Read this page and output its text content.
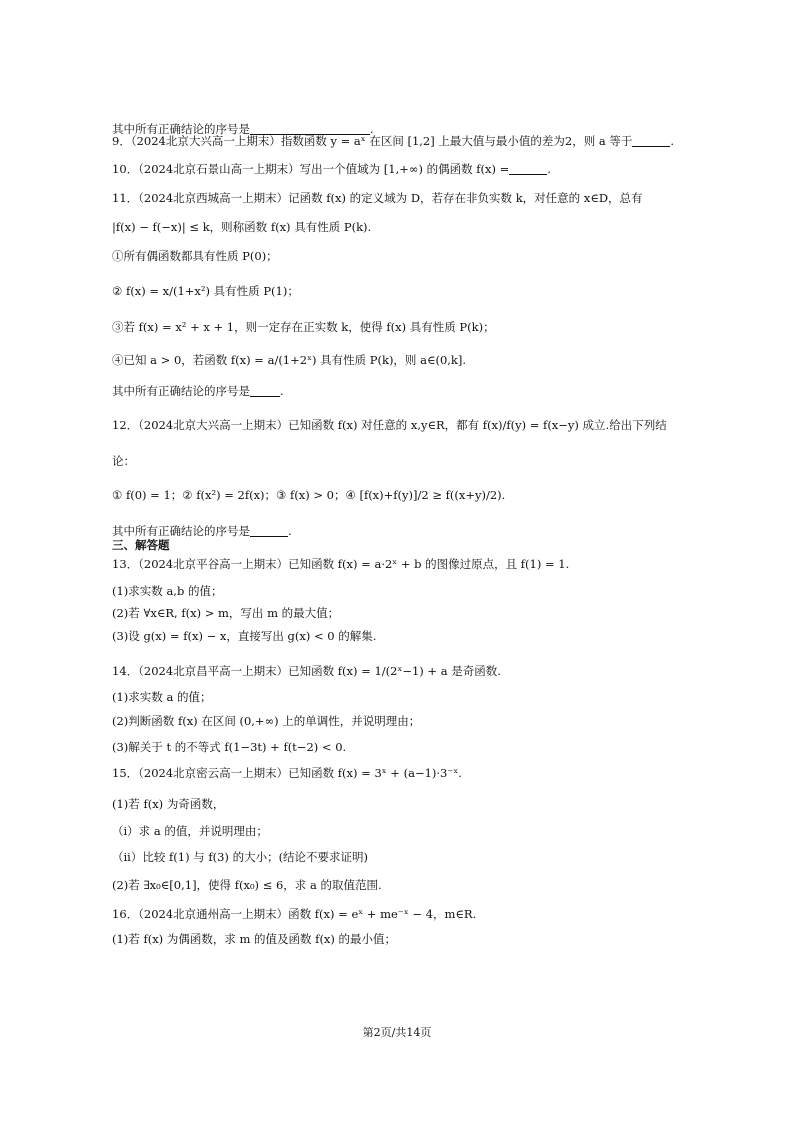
其中所有正确结论的序号是	.
9．（2024北京大兴高一上期末）指数函数 y = aˣ 在区间 [1,2] 上最大值与最小值的差为2，则 a 等于	.
10．（2024北京石景山高一上期末）写出一个值域为 [1,+∞) 的偶函数 f(x) =	.
11．（2024北京西城高一上期末）记函数 f(x) 的定义域为 D，若存在非负实数 k，对任意的 x∈D，总有
|f(x) − f(−x)| ≤ k，则称函数 f(x) 具有性质 P(k).
①所有偶函数都具有性质 P(0)；
② f(x) = x/(1+x²) 具有性质 P(1)；
③若 f(x) = x² + x + 1，则一定存在正实数 k，使得 f(x) 具有性质 P(k)；
④已知 a > 0，若函数 f(x) = a/(1+2ˣ) 具有性质 P(k)，则 a∈(0,k].
其中所有正确结论的序号是	.
12．（2024北京大兴高一上期末）已知函数 f(x) 对任意的 x,y∈R，都有 f(x)/f(y) = f(x−y) 成立.给出下列结
论：
① f(0) = 1；② f(x²) = 2f(x)；③ f(x) > 0；④ [f(x)+f(y)]/2 ≥ f((x+y)/2).
其中所有正确结论的序号是	.
三、解答题
13．（2024北京平谷高一上期末）已知函数 f(x) = a·2ˣ + b 的图像过原点，且 f(1) = 1.
(1)求实数 a,b 的值；
(2)若 ∀x∈R, f(x) > m，写出 m 的最大值；
(3)设 g(x) = f(x) − x，直接写出 g(x) < 0 的解集.
14．（2024北京昌平高一上期末）已知函数 f(x) = 1/(2ˣ−1) + a 是奇函数.
(1)求实数 a 的值；
(2)判断函数 f(x) 在区间 (0,+∞) 上的单调性，并说明理由；
(3)解关于 t 的不等式 f(1−3t) + f(t−2) < 0.
15．（2024北京密云高一上期末）已知函数 f(x) = 3ˣ + (a−1)·3⁻ˣ.
(1)若 f(x) 为奇函数，
（i）求 a 的值，并说明理由；
（ii）比较 f(1) 与 f(3) 的大小；(结论不要求证明)
(2)若 ∃x₀∈[0,1]，使得 f(x₀) ≤ 6，求 a 的取值范围.
16．（2024北京通州高一上期末）函数 f(x) = eˣ + me⁻ˣ − 4，m∈R.
(1)若 f(x) 为偶函数，求 m 的值及函数 f(x) 的最小值；
第2页/共14页
